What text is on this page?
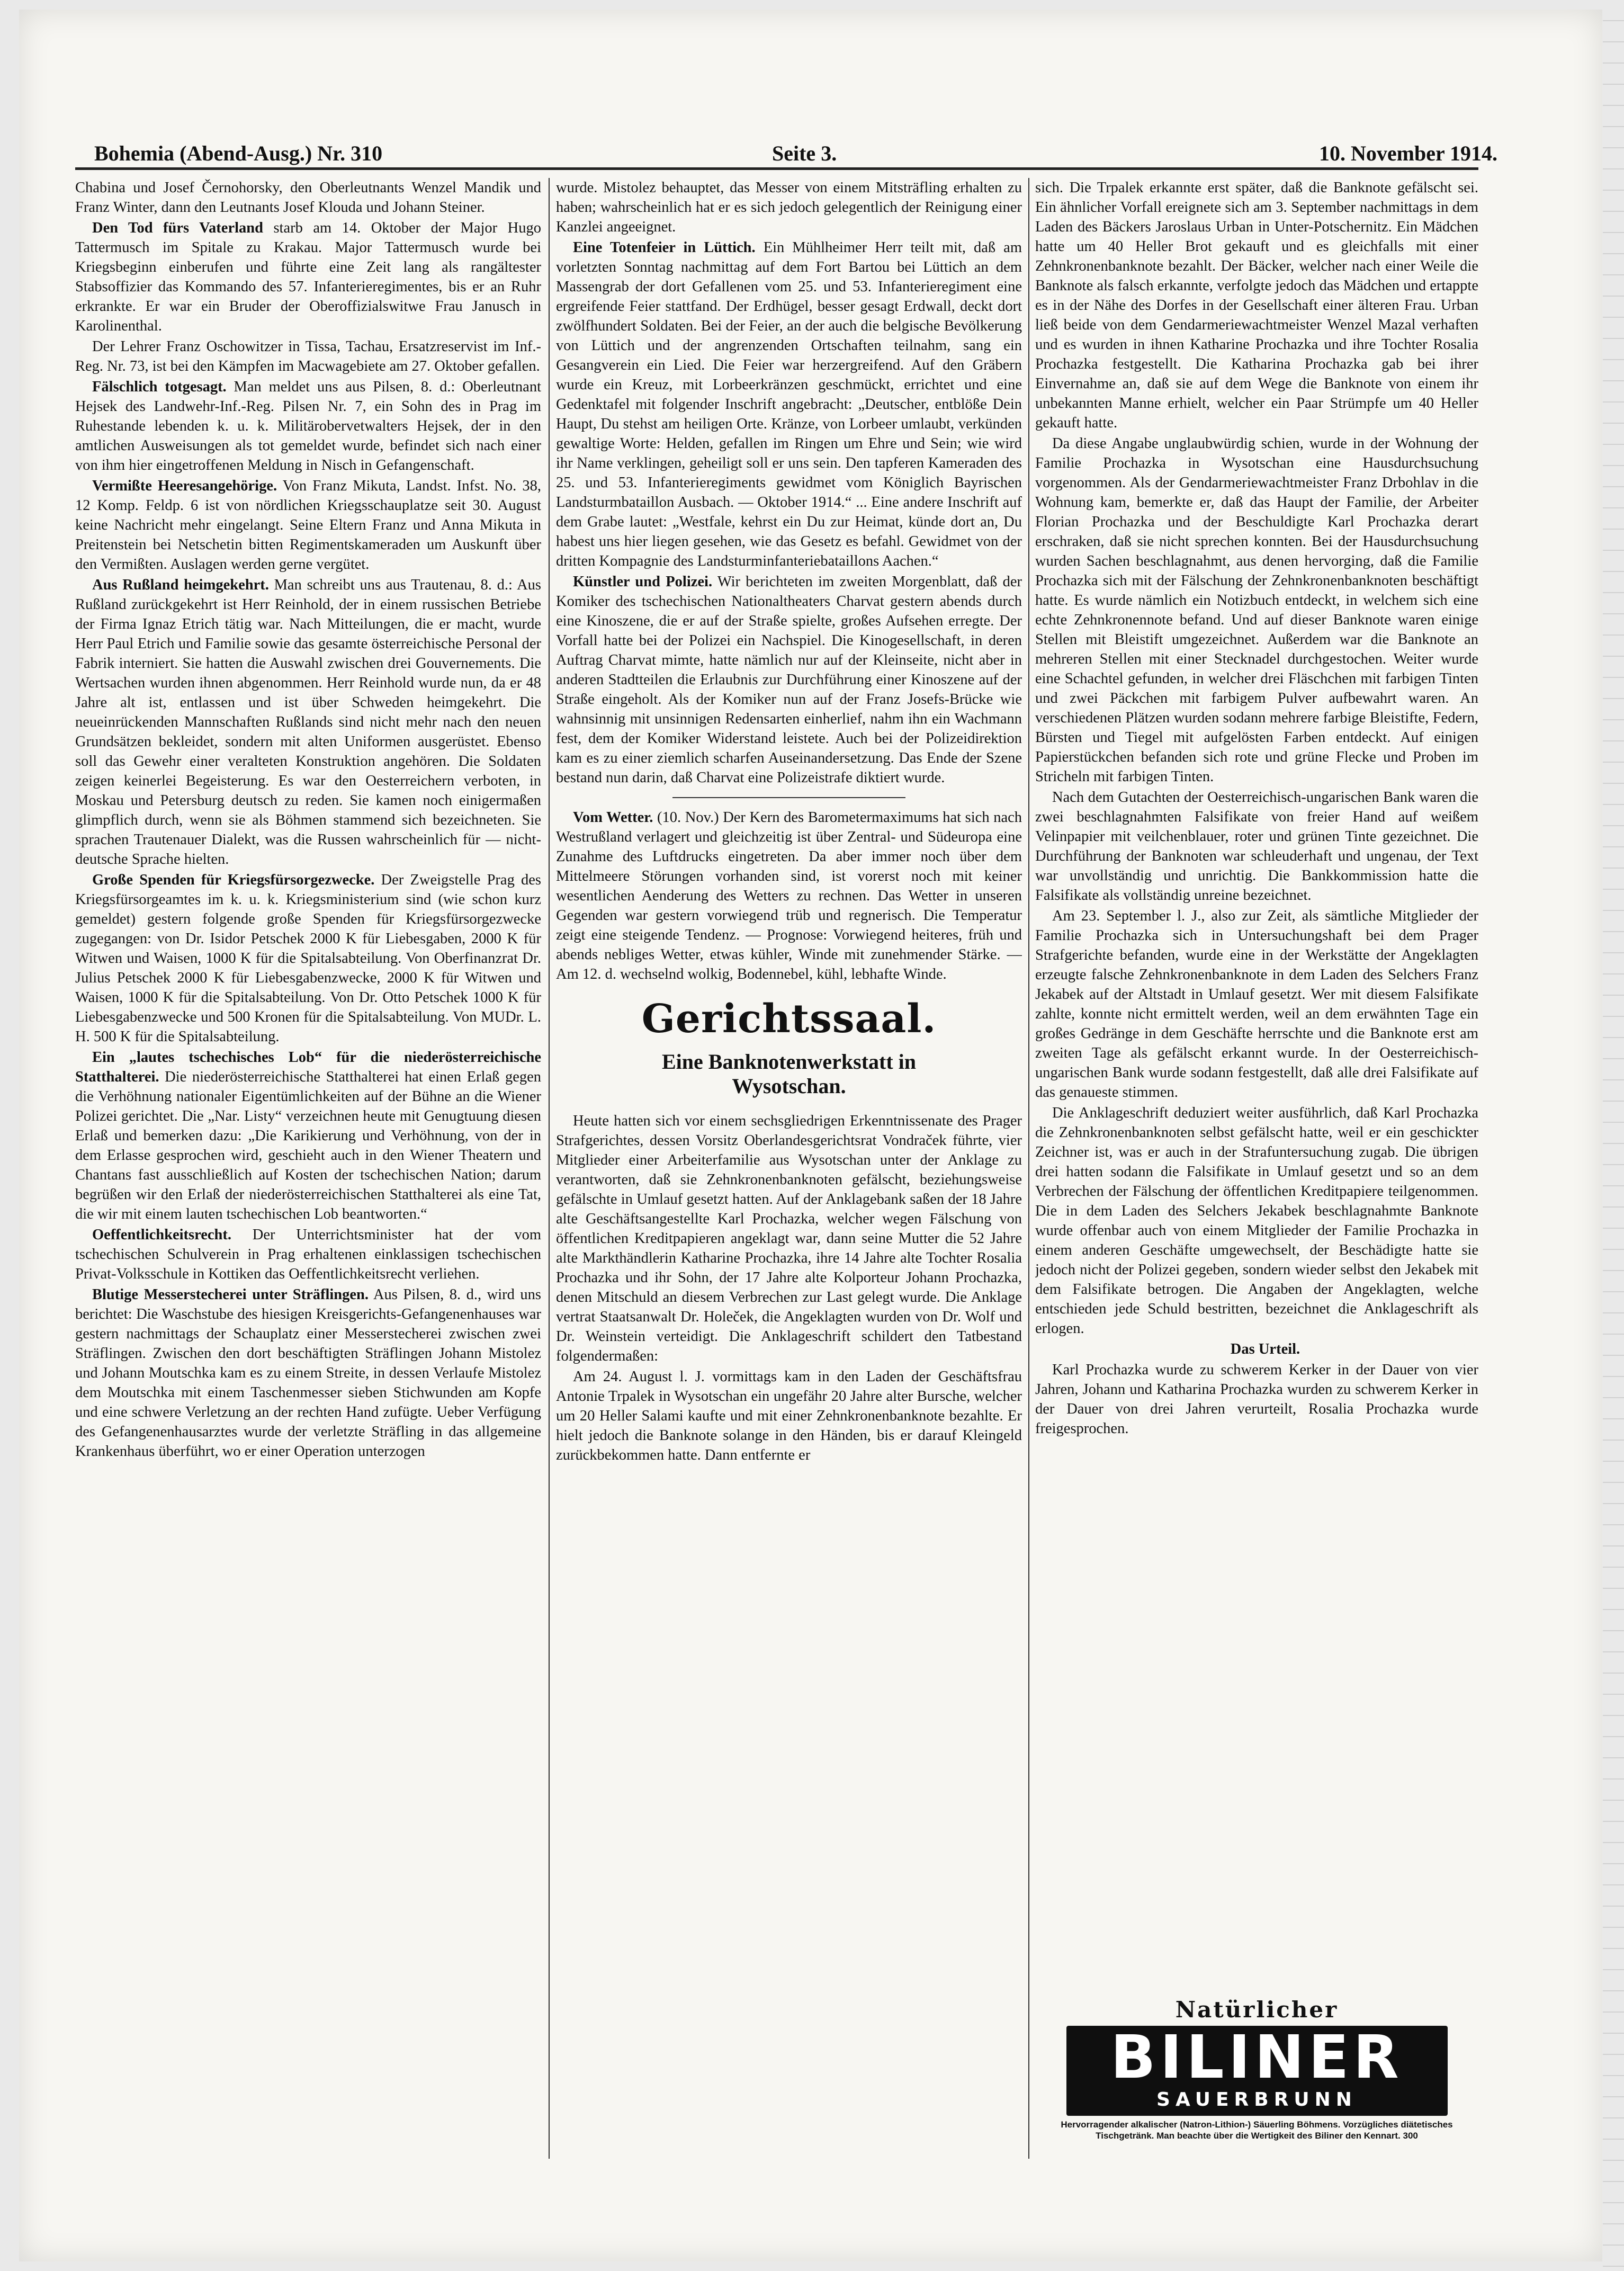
Bohemia (Abend-Ausg.) Nr. 310	Seite 3.	10. November 1914.

Chabina und Josef Černohorsky, den Oberleutnants Wenzel Mandik und Franz Winter, dann den Leutnants Josef Klouda und Johann Steiner.

Den Tod fürs Vaterland starb am 14. Oktober der Major Hugo Tattermusch im Spitale zu Krakau. Major Tattermusch wurde bei Kriegsbeginn einberufen und führte eine Zeit lang als rangältester Stabsoffizier das Kommando des 57. Infanterieregimentes, bis er an Ruhr erkrankte. Er war ein Bruder der Oberoffizialswitwe Frau Janusch in Karolinenthal.

Der Lehrer Franz Oschowitzer in Tissa, Tachau, Ersatzreservist im Inf.-Reg. Nr. 73, ist bei den Kämpfen im Macwagebiete am 27. Oktober gefallen.

Fälschlich totgesagt. Man meldet uns aus Pilsen, 8. d.: Oberleutnant Hejsek des Landwehr-Inf.-Reg. Pilsen Nr. 7, ein Sohn des in Prag im Ruhestande lebenden k. u. k. Militärobervetwalters Hejsek, der in den amtlichen Ausweisungen als tot gemeldet wurde, befindet sich nach einer von ihm hier eingetroffenen Meldung in Nisch in Gefangenschaft.

Vermißte Heeresangehörige. Von Franz Mikuta, Landst. Infst. No. 38, 12 Komp. Feldp. 6 ist von nördlichen Kriegsschauplatze seit 30. August keine Nachricht mehr eingelangt. Seine Eltern Franz und Anna Mikuta in Preitenstein bei Netschetin bitten Regimentskameraden um Auskunft über den Vermißten. Auslagen werden gerne vergütet.

Aus Rußland heimgekehrt. Man schreibt uns aus Trautenau, 8. d.: Aus Rußland zurückgekehrt ist Herr Reinhold, der in einem russischen Betriebe der Firma Ignaz Etrich tätig war. Nach Mitteilungen, die er macht, wurde Herr Paul Etrich und Familie sowie das gesamte österreichische Personal der Fabrik interniert. Sie hatten die Auswahl zwischen drei Gouvernements. Die Wertsachen wurden ihnen abgenommen. Herr Reinhold wurde nun, da er 48 Jahre alt ist, entlassen und ist über Schweden heimgekehrt. Die neueinrückenden Mannschaften Rußlands sind nicht mehr nach den neuen Grundsätzen bekleidet, sondern mit alten Uniformen ausgerüstet. Ebenso soll das Gewehr einer veralteten Konstruktion angehören. Die Soldaten zeigen keinerlei Begeisterung. Es war den Oesterreichern verboten, in Moskau und Petersburg deutsch zu reden. Sie kamen noch einigermaßen glimpflich durch, wenn sie als Böhmen stammend sich bezeichneten. Sie sprachen Trautenauer Dialekt, was die Russen wahrscheinlich für — nicht-deutsche Sprache hielten.

Große Spenden für Kriegsfürsorgezwecke. Der Zweigstelle Prag des Kriegsfürsorgeamtes im k. u. k. Kriegsministerium sind (wie schon kurz gemeldet) gestern folgende große Spenden für Kriegsfürsorgezwecke zugegangen: von Dr. Isidor Petschek 2000 K für Liebesgaben, 2000 K für Witwen und Waisen, 1000 K für die Spitalsabteilung. Von Oberfinanzrat Dr. Julius Petschek 2000 K für Liebesgabenzwecke, 2000 K für Witwen und Waisen, 1000 K für die Spitalsabteilung. Von Dr. Otto Petschek 1000 K für Liebesgabenzwecke und 500 Kronen für die Spitalsabteilung. Von MUDr. L. H. 500 K für die Spitalsabteilung.

Ein „lautes tschechisches Lob“ für die niederösterreichische Statthalterei. Die niederösterreichische Statthalterei hat einen Erlaß gegen die Verhöhnung nationaler Eigentümlichkeiten auf der Bühne an die Wiener Polizei gerichtet. Die „Nar. Listy“ verzeichnen heute mit Genugtuung diesen Erlaß und bemerken dazu: „Die Karikierung und Verhöhnung, von der in dem Erlasse gesprochen wird, geschieht auch in den Wiener Theatern und Chantans fast ausschließlich auf Kosten der tschechischen Nation; darum begrüßen wir den Erlaß der niederösterreichischen Statthalterei als eine Tat, die wir mit einem lauten tschechischen Lob beantworten.“

Oeffentlichkeitsrecht. Der Unterrichtsminister hat der vom tschechischen Schulverein in Prag erhaltenen einklassigen tschechischen Privat-Volksschule in Kottiken das Oeffentlichkeitsrecht verliehen.

Blutige Messerstecherei unter Sträflingen. Aus Pilsen, 8. d., wird uns berichtet: Die Waschstube des hiesigen Kreisgerichts-Gefangenenhauses war gestern nachmittags der Schauplatz einer Messerstecherei zwischen zwei Sträflingen. Zwischen den dort beschäftigten Sträflingen Johann Mistolez und Johann Moutschka kam es zu einem Streite, in dessen Verlaufe Mistolez dem Moutschka mit einem Taschenmesser sieben Stichwunden am Kopfe und eine schwere Verletzung an der rechten Hand zufügte. Ueber Verfügung des Gefangenenhausarztes wurde der verletzte Sträfling in das allgemeine Krankenhaus überführt, wo er einer Operation unterzogen

wurde. Mistolez behauptet, das Messer von einem Mitsträfling erhalten zu haben; wahrscheinlich hat er es sich jedoch gelegentlich der Reinigung einer Kanzlei angeeignet.

Eine Totenfeier in Lüttich. Ein Mühlheimer Herr teilt mit, daß am vorletzten Sonntag nachmittag auf dem Fort Bartou bei Lüttich an dem Massengrab der dort Gefallenen vom 25. und 53. Infanterieregiment eine ergreifende Feier stattfand. Der Erdhügel, besser gesagt Erdwall, deckt dort zwölfhundert Soldaten. Bei der Feier, an der auch die belgische Bevölkerung von Lüttich und der angrenzenden Ortschaften teilnahm, sang ein Gesangverein ein Lied. Die Feier war herzergreifend. Auf den Gräbern wurde ein Kreuz, mit Lorbeerkränzen geschmückt, errichtet und eine Gedenktafel mit folgender Inschrift angebracht: „Deutscher, entblöße Dein Haupt, Du stehst am heiligen Orte. Kränze, von Lorbeer umlaubt, verkünden gewaltige Worte: Helden, gefallen im Ringen um Ehre und Sein; wie wird ihr Name verklingen, geheiligt soll er uns sein. Den tapferen Kameraden des 25. und 53. Infanterieregiments gewidmet vom Königlich Bayrischen Landsturmbataillon Ausbach. — Oktober 1914.“ ... Eine andere Inschrift auf dem Grabe lautet: „Westfale, kehrst ein Du zur Heimat, künde dort an, Du habest uns hier liegen gesehen, wie das Gesetz es befahl. Gewidmet von der dritten Kompagnie des Landsturminfanteriebataillons Aachen.“

Künstler und Polizei. Wir berichteten im zweiten Morgenblatt, daß der Komiker des tschechischen Nationaltheaters Charvat gestern abends durch eine Kinoszene, die er auf der Straße spielte, großes Aufsehen erregte. Der Vorfall hatte bei der Polizei ein Nachspiel. Die Kinogesellschaft, in deren Auftrag Charvat mimte, hatte nämlich nur auf der Kleinseite, nicht aber in anderen Stadtteilen die Erlaubnis zur Durchführung einer Kinoszene auf der Straße eingeholt. Als der Komiker nun auf der Franz Josefs-Brücke wie wahnsinnig mit unsinnigen Redensarten einherlief, nahm ihn ein Wachmann fest, dem der Komiker Widerstand leistete. Auch bei der Polizeidirektion kam es zu einer ziemlich scharfen Auseinandersetzung. Das Ende der Szene bestand nun darin, daß Charvat eine Polizeistrafe diktiert wurde.

Vom Wetter. (10. Nov.) Der Kern des Barometermaximums hat sich nach Westrußland verlagert und gleichzeitig ist über Zentral- und Südeuropa eine Zunahme des Luftdrucks eingetreten. Da aber immer noch über dem Mittelmeere Störungen vorhanden sind, ist vorerst noch mit keiner wesentlichen Aenderung des Wetters zu rechnen. Das Wetter in unseren Gegenden war gestern vorwiegend trüb und regnerisch. Die Temperatur zeigt eine steigende Tendenz. — Prognose: Vorwiegend heiteres, früh und abends nebliges Wetter, etwas kühler, Winde mit zunehmender Stärke. — Am 12. d. wechselnd wolkig, Bodennebel, kühl, lebhafte Winde.

Gerichtssaal.
Eine Banknotenwerkstatt in
Wysotschan.

Heute hatten sich vor einem sechsgliedrigen Erkenntnissenate des Prager Strafgerichtes, dessen Vorsitz Oberlandesgerichtsrat Vondraček führte, vier Mitglieder einer Arbeiterfamilie aus Wysotschan unter der Anklage zu verantworten, daß sie Zehnkronenbanknoten gefälscht, beziehungsweise gefälschte in Umlauf gesetzt hatten. Auf der Anklagebank saßen der 18 Jahre alte Geschäftsangestellte Karl Prochazka, welcher wegen Fälschung von öffentlichen Kreditpapieren angeklagt war, dann seine Mutter die 52 Jahre alte Markthändlerin Katharine Prochazka, ihre 14 Jahre alte Tochter Rosalia Prochazka und ihr Sohn, der 17 Jahre alte Kolporteur Johann Prochazka, denen Mitschuld an diesem Verbrechen zur Last gelegt wurde. Die Anklage vertrat Staatsanwalt Dr. Holeček, die Angeklagten wurden von Dr. Wolf und Dr. Weinstein verteidigt. Die Anklageschrift schildert den Tatbestand folgendermaßen:

Am 24. August l. J. vormittags kam in den Laden der Geschäftsfrau Antonie Trpalek in Wysotschan ein ungefähr 20 Jahre alter Bursche, welcher um 20 Heller Salami kaufte und mit einer Zehnkronenbanknote bezahlte. Er hielt jedoch die Banknote solange in den Händen, bis er darauf Kleingeld zurückbekommen hatte. Dann entfernte er

sich. Die Trpalek erkannte erst später, daß die Banknote gefälscht sei. Ein ähnlicher Vorfall ereignete sich am 3. September nachmittags in dem Laden des Bäckers Jaroslaus Urban in Unter-Potschernitz. Ein Mädchen hatte um 40 Heller Brot gekauft und es gleichfalls mit einer Zehnkronenbanknote bezahlt. Der Bäcker, welcher nach einer Weile die Banknote als falsch erkannte, verfolgte jedoch das Mädchen und ertappte es in der Nähe des Dorfes in der Gesellschaft einer älteren Frau. Urban ließ beide von dem Gendarmeriewachtmeister Wenzel Mazal verhaften und es wurden in ihnen Katharine Prochazka und ihre Tochter Rosalia Prochazka festgestellt. Die Katharina Prochazka gab bei ihrer Einvernahme an, daß sie auf dem Wege die Banknote von einem ihr unbekannten Manne erhielt, welcher ein Paar Strümpfe um 40 Heller gekauft hatte.

Da diese Angabe unglaubwürdig schien, wurde in der Wohnung der Familie Prochazka in Wysotschan eine Hausdurchsuchung vorgenommen. Als der Gendarmeriewachtmeister Franz Drbohlav in die Wohnung kam, bemerkte er, daß das Haupt der Familie, der Arbeiter Florian Prochazka und der Beschuldigte Karl Prochazka derart erschraken, daß sie nicht sprechen konnten. Bei der Hausdurchsuchung wurden Sachen beschlagnahmt, aus denen hervorging, daß die Familie Prochazka sich mit der Fälschung der Zehnkronenbanknoten beschäftigt hatte. Es wurde nämlich ein Notizbuch entdeckt, in welchem sich eine echte Zehnkronennote befand. Und auf dieser Banknote waren einige Stellen mit Bleistift umgezeichnet. Außerdem war die Banknote an mehreren Stellen mit einer Stecknadel durchgestochen. Weiter wurde eine Schachtel gefunden, in welcher drei Fläschchen mit farbigen Tinten und zwei Päckchen mit farbigem Pulver aufbewahrt waren. An verschiedenen Plätzen wurden sodann mehrere farbige Bleistifte, Federn, Bürsten und Tiegel mit aufgelösten Farben entdeckt. Auf einigen Papierstückchen befanden sich rote und grüne Flecke und Proben im Stricheln mit farbigen Tinten.

Nach dem Gutachten der Oesterreichisch-ungarischen Bank waren die zwei beschlagnahmten Falsifikate von freier Hand auf weißem Velinpapier mit veilchenblauer, roter und grünen Tinte gezeichnet. Die Durchführung der Banknoten war schleuderhaft und ungenau, der Text war unvollständig und unrichtig. Die Bankkommission hatte die Falsifikate als vollständig unreine bezeichnet.

Am 23. September l. J., also zur Zeit, als sämtliche Mitglieder der Familie Prochazka sich in Untersuchungshaft bei dem Prager Strafgerichte befanden, wurde eine in der Werkstätte der Angeklagten erzeugte falsche Zehnkronenbanknote in dem Laden des Selchers Franz Jekabek auf der Altstadt in Umlauf gesetzt. Wer mit diesem Falsifikate zahlte, konnte nicht ermittelt werden, weil an dem erwähnten Tage ein großes Gedränge in dem Geschäfte herrschte und die Banknote erst am zweiten Tage als gefälscht erkannt wurde. In der Oesterreichisch-ungarischen Bank wurde sodann festgestellt, daß alle drei Falsifikate auf das genaueste stimmen.

Die Anklageschrift deduziert weiter ausführlich, daß Karl Prochazka die Zehnkronenbanknoten selbst gefälscht hatte, weil er ein geschickter Zeichner ist, was er auch in der Strafuntersuchung zugab. Die übrigen drei hatten sodann die Falsifikate in Umlauf gesetzt und so an dem Verbrechen der Fälschung der öffentlichen Kreditpapiere teilgenommen. Die in dem Laden des Selchers Jekabek beschlagnahmte Banknote wurde offenbar auch von einem Mitglieder der Familie Prochazka in einem anderen Geschäfte umgewechselt, der Beschädigte hatte sie jedoch nicht der Polizei gegeben, sondern wieder selbst den Jekabek mit dem Falsifikate betrogen. Die Angaben der Angeklagten, welche entschieden jede Schuld bestritten, bezeichnet die Anklageschrift als erlogen.

Das Urteil.

Karl Prochazka wurde zu schwerem Kerker in der Dauer von vier Jahren, Johann und Katharina Prochazka wurden zu schwerem Kerker in der Dauer von drei Jahren verurteilt, Rosalia Prochazka wurde freigesprochen.

Natürlicher
BILINER
SAUERBRUNN
Hervorragender alkalischer (Natron-Lithion-) Säuerling Böhmens. Vorzügliches diätetisches Tischgetränk. Man beachte über die Wertigkeit des Biliner den Kennart. 300
